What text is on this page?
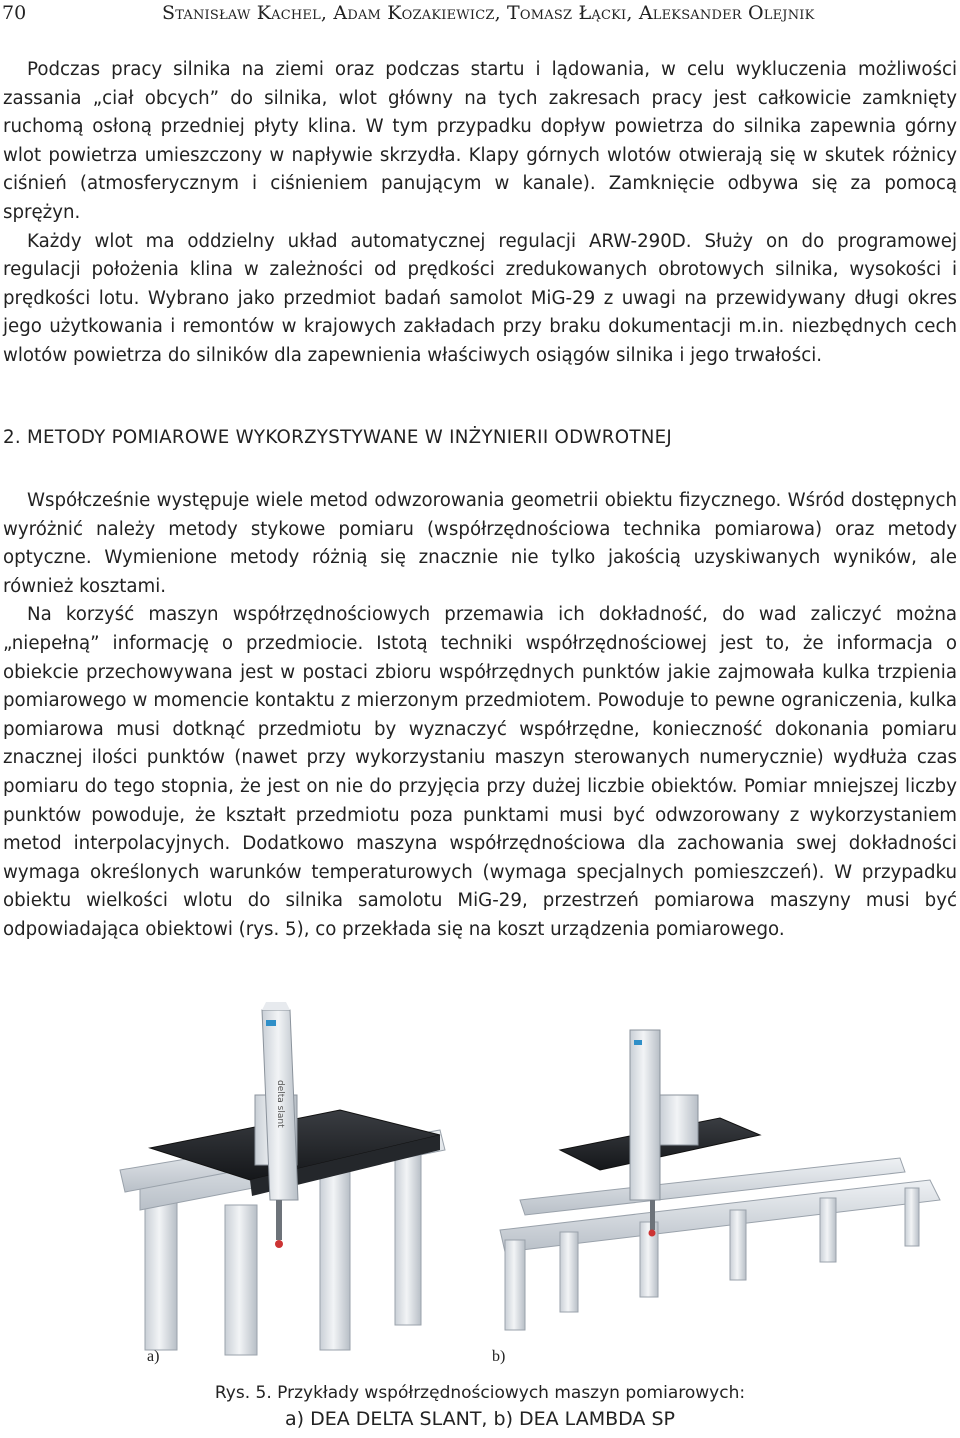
70	Stanisław Kachel, Adam Kozakiewicz, Tomasz Łącki, Aleksander Olejnik

Podczas pracy silnika na ziemi oraz podczas startu i lądowania, w celu wykluczenia możliwości zassania „ciał obcych” do silnika, wlot główny na tych zakresach pracy jest całkowicie zamknięty ruchomą osłoną przedniej płyty klina. W tym przypadku dopływ powietrza do silnika zapewnia górny wlot powietrza umieszczony w napływie skrzydła. Klapy górnych wlotów otwierają się w skutek różnicy ciśnień (atmosferycznym i ciśnieniem panującym w kanale). Zamknięcie odbywa się za pomocą sprężyn.

Każdy wlot ma oddzielny układ automatycznej regulacji ARW-290D. Służy on do programowej regulacji położenia klina w zależności od prędkości zredukowanych obrotowych silnika, wysokości i prędkości lotu. Wybrano jako przedmiot badań samolot MiG-29 z uwagi na przewidywany długi okres jego użytkowania i remontów w krajowych zakładach przy braku dokumentacji m.in. niezbędnych cech wlotów powietrza do silników dla zapewnienia właściwych osiągów silnika i jego trwałości.

2. METODY POMIAROWE WYKORZYSTYWANE W INŻYNIERII ODWROTNEJ

Współcześnie występuje wiele metod odwzorowania geometrii obiektu fizycznego. Wśród dostępnych wyróżnić należy metody stykowe pomiaru (współrzędnościowa technika pomiarowa) oraz metody optyczne. Wymienione metody różnią się znacznie nie tylko jakością uzyskiwanych wyników, ale również kosztami.

Na korzyść maszyn współrzędnościowych przemawia ich dokładność, do wad zaliczyć można „niepełną” informację o przedmiocie. Istotą techniki współrzędnościowej jest to, że informacja o obiekcie przechowywana jest w postaci zbioru współrzędnych punktów jakie zajmowała kulka trzpienia pomiarowego w momencie kontaktu z mierzonym przedmiotem. Powoduje to pewne ograniczenia, kulka pomiarowa musi dotknąć przedmiotu by wyznaczyć współrzędne, konieczność dokonania pomiaru znacznej ilości punktów (nawet przy wykorzystaniu maszyn sterowanych numerycznie) wydłuża czas pomiaru do tego stopnia, że jest on nie do przyjęcia przy dużej liczbie obiektów. Pomiar mniejszej liczby punktów powoduje, że kształt przedmiotu poza punktami musi być odwzorowany z wykorzystaniem metod interpolacyjnych. Dodatkowo maszyna współrzędnościowa dla zachowania swej dokładności wymaga określonych warunków temperaturowych (wymaga specjalnych pomieszczeń). W przypadku obiektu wielkości wlotu do silnika samolotu MiG-29, przestrzeń pomiarowa maszyny musi być odpowiadająca obiektowi (rys. 5), co przekłada się na koszt urządzenia pomiarowego.

delta slant
a)	b)
Rys. 5. Przykłady współrzędnościowych maszyn pomiarowych:
a) DEA DELTA SLANT, b) DEA LAMBDA SP
